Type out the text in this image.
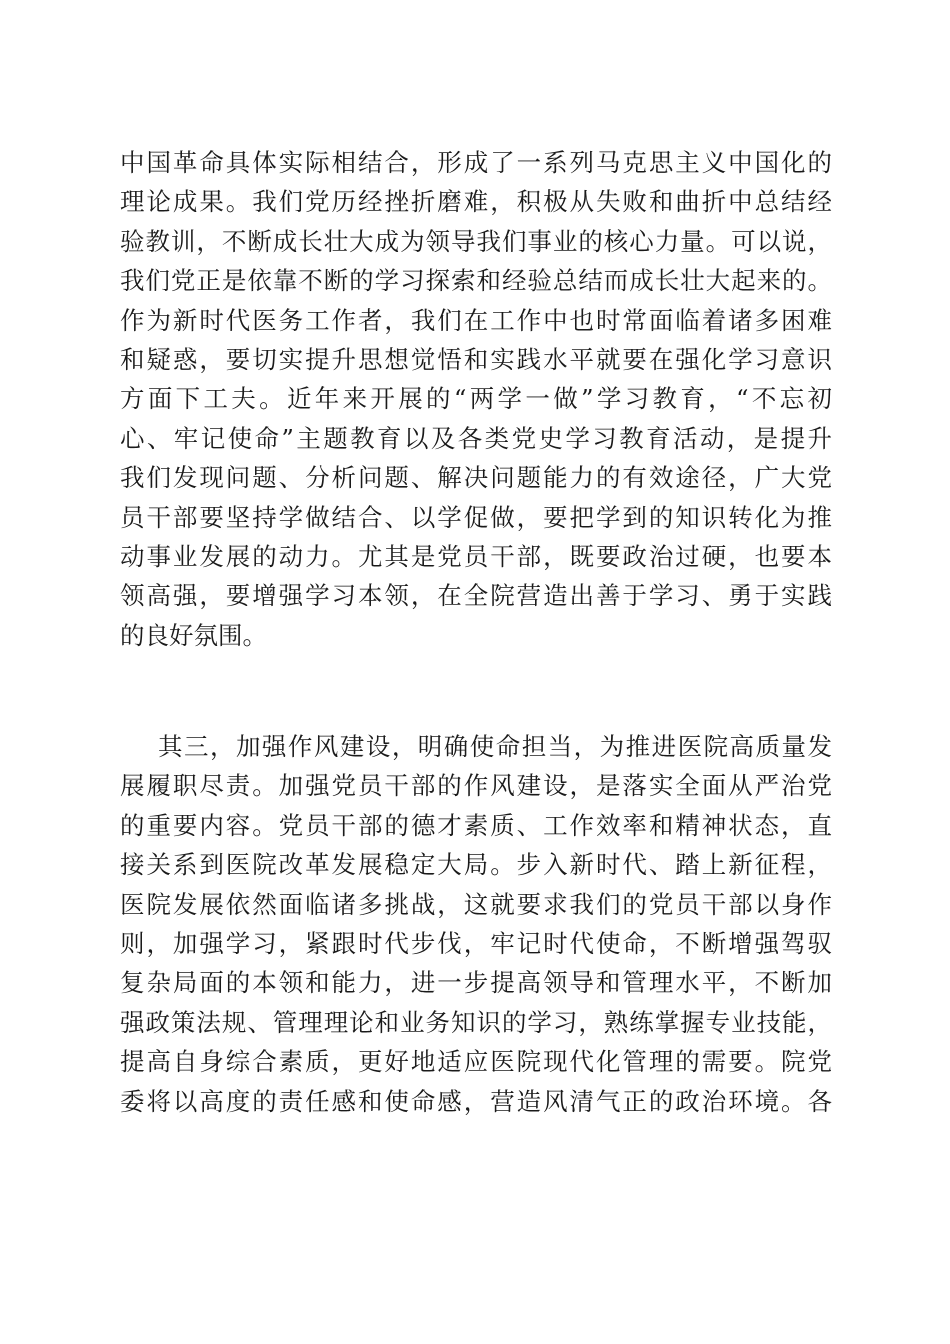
中国革命具体实际相结合，形成了一系列马克思主义中国化的
理论成果。我们党历经挫折磨难，积极从失败和曲折中总结经
验教训，不断成长壮大成为领导我们事业的核心力量。可以说，
我们党正是依靠不断的学习探索和经验总结而成长壮大起来的。
作为新时代医务工作者，我们在工作中也时常面临着诸多困难
和疑惑，要切实提升思想觉悟和实践水平就要在强化学习意识
方面下工夫。近年来开展的“两学一做”学习教育，“不忘初
心、牢记使命”主题教育以及各类党史学习教育活动，是提升
我们发现问题、分析问题、解决问题能力的有效途径，广大党
员干部要坚持学做结合、以学促做，要把学到的知识转化为推
动事业发展的动力。尤其是党员干部，既要政治过硬，也要本
领高强，要增强学习本领，在全院营造出善于学习、勇于实践
的良好氛围。
其三，加强作风建设，明确使命担当，为推进医院高质量发
展履职尽责。加强党员干部的作风建设，是落实全面从严治党
的重要内容。党员干部的德才素质、工作效率和精神状态，直
接关系到医院改革发展稳定大局。步入新时代、踏上新征程，
医院发展依然面临诸多挑战，这就要求我们的党员干部以身作
则，加强学习，紧跟时代步伐，牢记时代使命，不断增强驾驭
复杂局面的本领和能力，进一步提高领导和管理水平，不断加
强政策法规、管理理论和业务知识的学习，熟练掌握专业技能，
提高自身综合素质，更好地适应医院现代化管理的需要。院党
委将以高度的责任感和使命感，营造风清气正的政治环境。各
